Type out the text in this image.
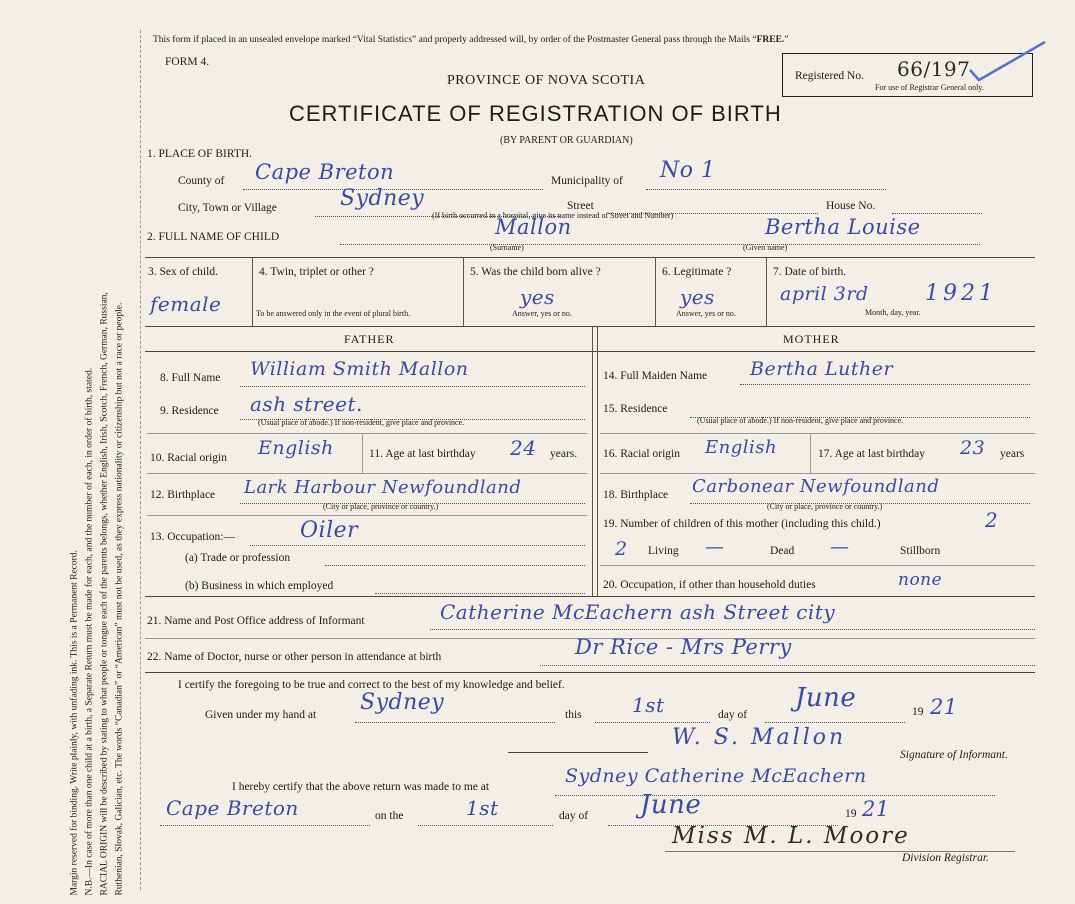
Margin reserved for binding. Write plainly, with unfading ink. This is a Permanent Record. N.B.—In case of more than one child at a birth, a Separate Return must be made for each, and the number of each, in order of birth, stated. RACIAL ORIGIN will be described by stating to what people or tongue each of the parents belongs, whether English, Irish, Scotch, French, German, Russian, Ruthenian, Slovak, Galician, etc. The words “Canadian” or “American” must not be used, as they express nationality or citizenship but not a race or people.
This form if placed in an unsealed envelope marked “Vital Statistics” and properly addressed will, by order of the Postmaster General pass through the Mails “FREE.”
FORM 4.
PROVINCE OF NOVA SCOTIA
CERTIFICATE OF REGISTRATION OF BIRTH
(BY PARENT OR GUARDIAN)
Registered No. 66/197
For use of Registrar General only.
1. PLACE OF BIRTH.
County of Cape Breton	Municipality of No 1
City, Town or Village	Sydney	Street	House No.
(If birth occurred in a hospital, give its name instead of Street and Number)
2. FULL NAME OF CHILD	Mallon	Bertha Louise
(Surname)	(Given name)
3. Sex of child.
female
4. Twin, triplet or other ?
To be answered only in the event of plural birth.
5. Was the child born alive ?
yes
Answer, yes or no.
6. Legitimate ?
yes
Answer, yes or no.
7. Date of birth.
april 3rd	1921
Month, day, year.
FATHER	MOTHER
8. Full Name William Smith Mallon
9. Residence ash street.
(Usual place of abode.) If non-resident, give place and province.
10. Racial origin English	11. Age at last birthday 24 years.
12. Birthplace Lark Harbour Newfoundland
(City or place, province or country.)
13. Occupation:—	Oiler
(a) Trade or profession
(b) Business in which employed
14. Full Maiden Name Bertha Luther
15. Residence
(Usual place of abode.) If non-resident, give place and province.
16. Racial origin English	17. Age at last birthday 23 years
18. Birthplace Carbonear Newfoundland
(City or place, province or country.)
19. Number of children of this mother (including this child.)	2
2 Living —	Dead —	Stillborn
20. Occupation, if other than household duties	none
21. Name and Post Office address of Informant	Catherine McEachern ash Street city
22. Name of Doctor, nurse or other person in attendance at birth	Dr Rice - Mrs Perry
I certify the foregoing to be true and correct to the best of my knowledge and belief.
Given under my hand at Sydney	this	1st	day of
June	19 21
W. S. Mallon
Signature of Informant.
I hereby certify that the above return was made to me at	Sydney Catherine McEachern
Cape Breton	on the	1st	day of June	19 21
Miss M. L. Moore
Division Registrar.
